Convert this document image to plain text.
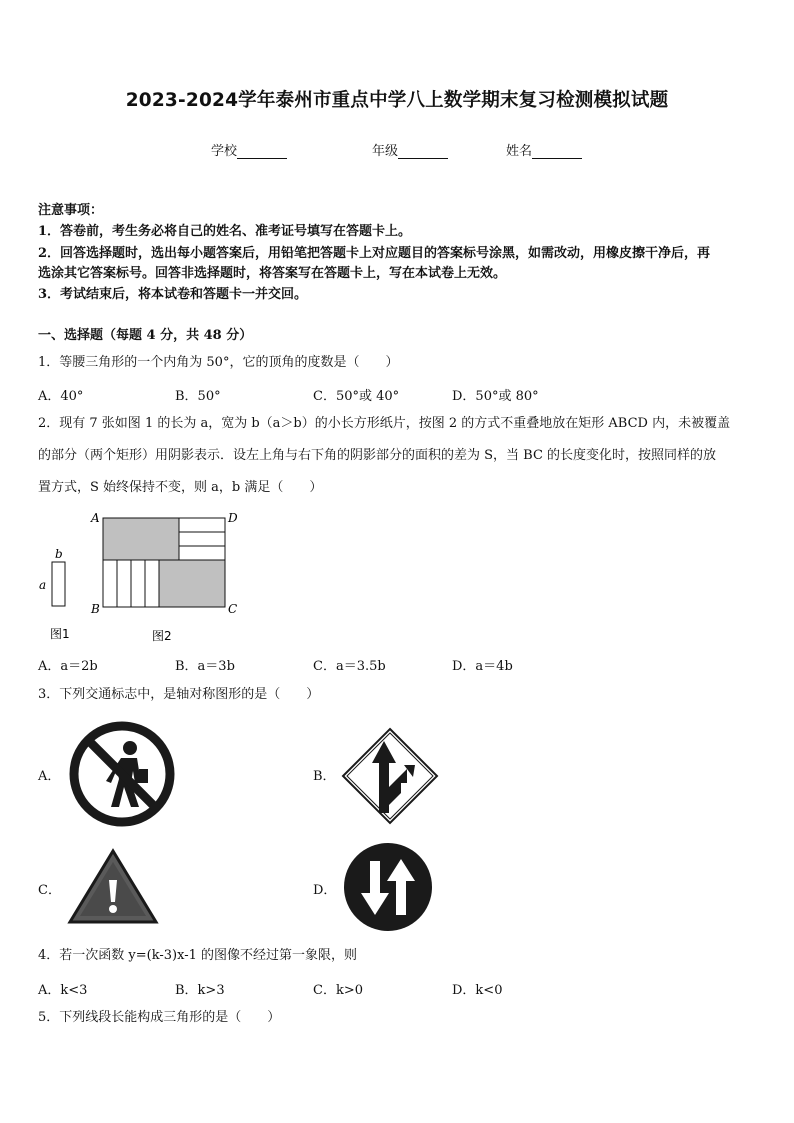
2023-2024学年泰州市重点中学八上数学期末复习检测模拟试题
学校	年级	姓名
注意事项：
1．答卷前，考生务必将自己的姓名、准考证号填写在答题卡上。
2．回答选择题时，选出每小题答案后，用铅笔把答题卡上对应题目的答案标号涂黑，如需改动，用橡皮擦干净后，再
选涂其它答案标号。回答非选择题时，将答案写在答题卡上，写在本试卷上无效。
3．考试结束后，将本试卷和答题卡一并交回。
一、选择题（每题 4 分，共 48 分）
1．等腰三角形的一个内角为 50°，它的顶角的度数是（　　）
A．40°	B．50°	C．50°或 40°	D．50°或 80°
2．现有 7 张如图 1 的长为 a，宽为 b（a＞b）的小长方形纸片，按图 2 的方式不重叠地放在矩形 ABCD 内，未被覆盖
的部分（两个矩形）用阴影表示．设左上角与右下角的阴影部分的面积的差为 S，当 BC 的长度变化时，按照同样的放
置方式，S 始终保持不变，则 a，b 满足（　　）
b
a
图1
A	D
B	C
图2
A．a＝2b	B．a＝3b	C．a＝3.5b	D．a＝4b
3．下列交通标志中，是轴对称图形的是（　　）
A．	B．
C．	D．
4．若一次函数 y=(k-3)x-1 的图像不经过第一象限，则
A．k<3	B．k>3	C．k>0	D．k<0
5．下列线段长能构成三角形的是（　　）
